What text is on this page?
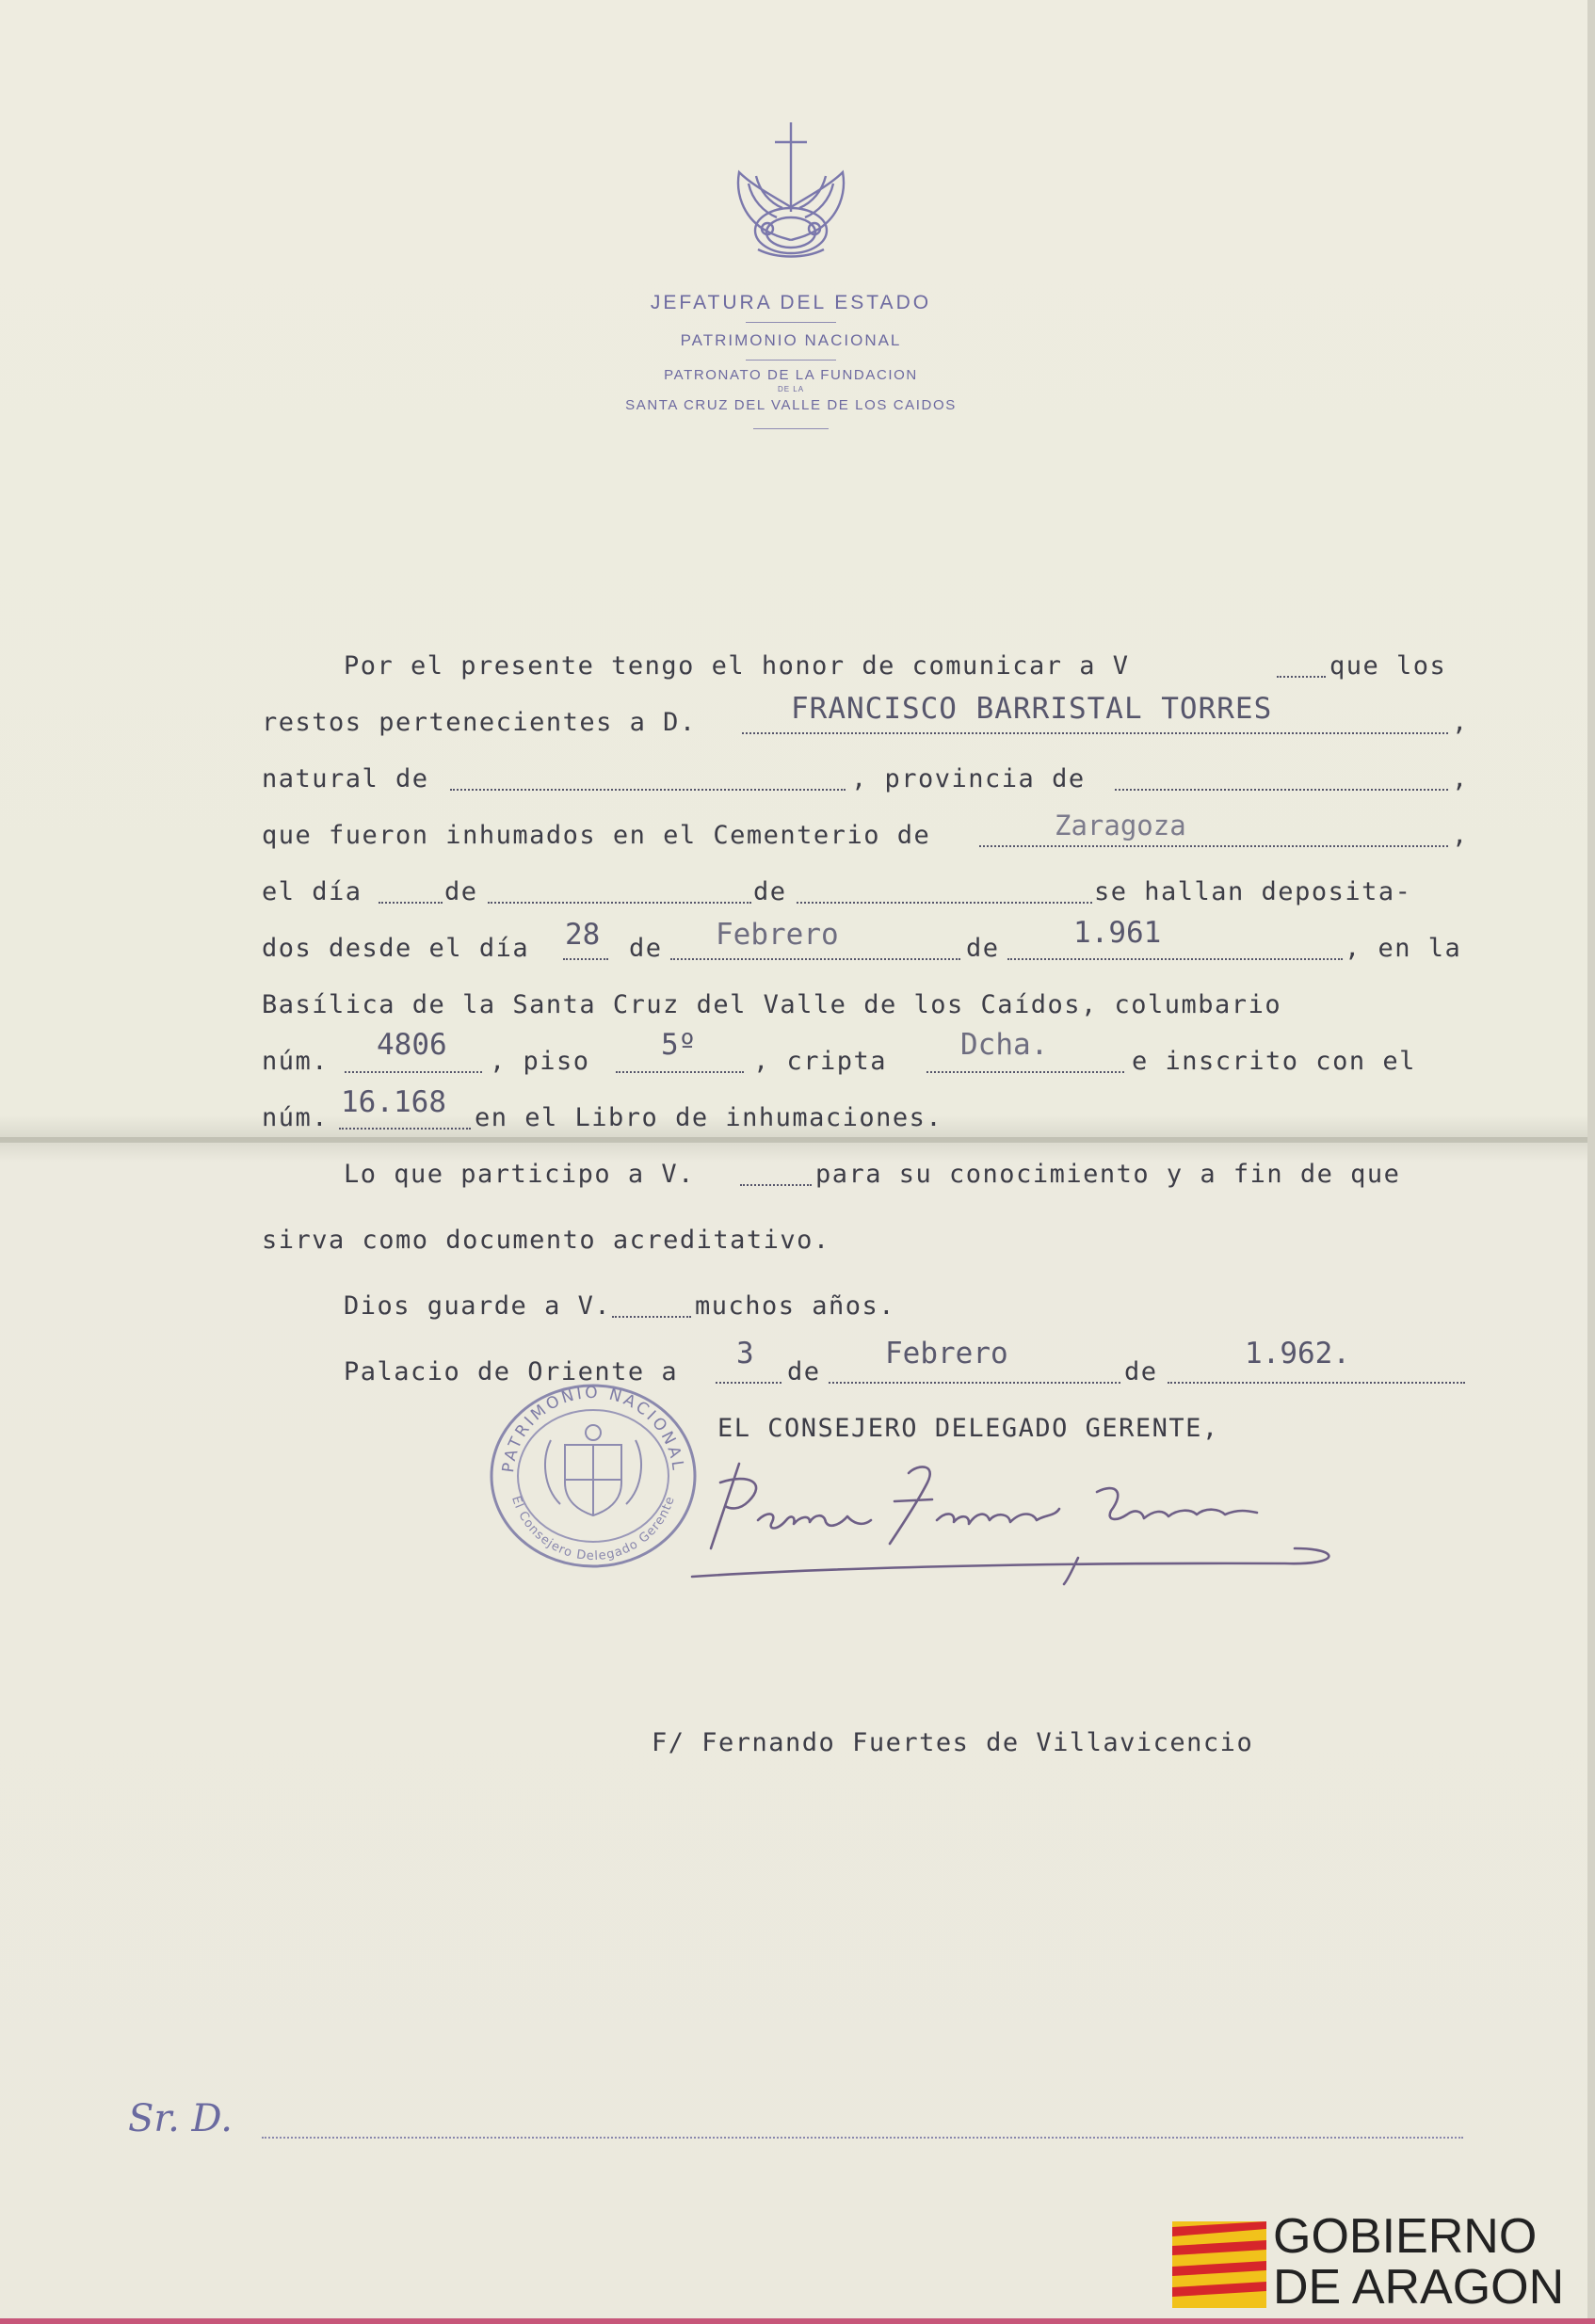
JEFATURA DEL ESTADO
PATRIMONIO NACIONAL
PATRONATO DE LA FUNDACION
DE LA
SANTA CRUZ DEL VALLE DE LOS CAIDOS
Por el presente tengo el honor de comunicar a V	que los
restos pertenecientes a D.	FRANCISCO BARRISTAL TORRES	,
natural de	, provincia de	,
que fueron inhumados en el Cementerio de	Zaragoza	,
el día	de	de	se hallan deposita-
dos desde el día 28 de Febrero	de	1.961	, en la
Basílica de la Santa Cruz del Valle de los Caídos, columbario
núm. 4806 , piso 5º , cripta	Dcha.	e inscrito con el
núm. 16.168 en el Libro de inhumaciones.
Lo que participo a V.	para su conocimiento y a fin de que
sirva como documento acreditativo.
Dios guarde a V.	muchos años.
Palacio de Oriente a
3
de
Febrero
de
1.962.
EL CONSEJERO DELEGADO GERENTE,
PATRIMONIO NACIONAL
El Consejero Delegado Gerente
F/ Fernando Fuertes de Villavicencio
Sr. D.
GOBIERNO
DE ARAGON
